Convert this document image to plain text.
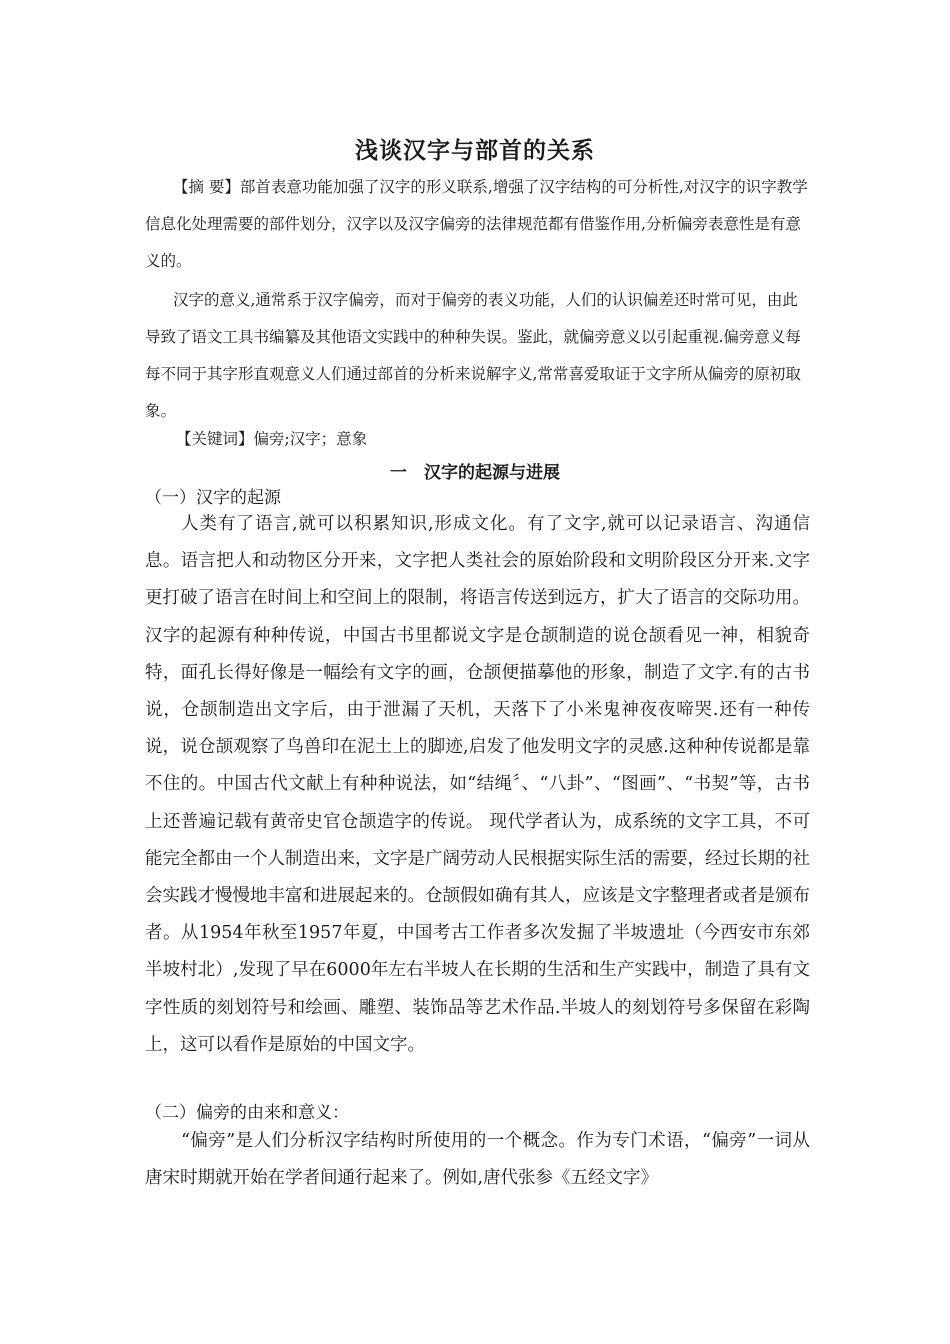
浅谈汉字与部首的关系
【摘 要】部首表意功能加强了汉字的形义联系,增强了汉字结构的可分析性,对汉字的识字教学信息化处理需要的部件划分，汉字以及汉字偏旁的法律规范都有借鉴作用,分析偏旁表意性是有意义的。
汉字的意义,通常系于汉字偏旁，而对于偏旁的表义功能，人们的认识偏差还时常可见，由此导致了语文工具书编纂及其他语文实践中的种种失误。鉴此，就偏旁意义以引起重视.偏旁意义每每不同于其字形直观意义人们通过部首的分析来说解字义,常常喜爱取证于文字所从偏旁的原初取象。
【关键词】偏旁;汉字；意象
一　汉字的起源与进展
（一）汉字的起源
人类有了语言,就可以积累知识,形成文化。有了文字,就可以记录语言、沟通信息。语言把人和动物区分开来，文字把人类社会的原始阶段和文明阶段区分开来.文字更打破了语言在时间上和空间上的限制，将语言传送到远方，扩大了语言的交际功用。汉字的起源有种种传说，中国古书里都说文字是仓颉制造的说仓颉看见一神，相貌奇特，面孔长得好像是一幅绘有文字的画，仓颉便描摹他的形象，制造了文字.有的古书说，仓颉制造出文字后，由于泄漏了天机，天落下了小米鬼神夜夜啼哭.还有一种传说，说仓颉观察了鸟兽印在泥土上的脚迹,启发了他发明文字的灵感.这种种传说都是靠不住的。中国古代文献上有种种说法，如“结绳〞、“八卦”、“图画”、“书契”等，古书上还普遍记载有黄帝史官仓颉造字的传说。 现代学者认为，成系统的文字工具，不可能完全都由一个人制造出来，文字是广阔劳动人民根据实际生活的需要，经过长期的社会实践才慢慢地丰富和进展起来的。仓颉假如确有其人，应该是文字整理者或者是颁布者。从1954年秋至1957年夏，中国考古工作者多次发掘了半坡遗址（今西安市东郊半坡村北）,发现了早在6000年左右半坡人在长期的生活和生产实践中，制造了具有文字性质的刻划符号和绘画、雕塑、装饰品等艺术作品.半坡人的刻划符号多保留在彩陶上，这可以看作是原始的中国文字。
（二）偏旁的由来和意义：
“偏旁”是人们分析汉字结构时所使用的一个概念。作为专门术语，“偏旁”一词从唐宋时期就开始在学者间通行起来了。例如,唐代张参《五经文字》
